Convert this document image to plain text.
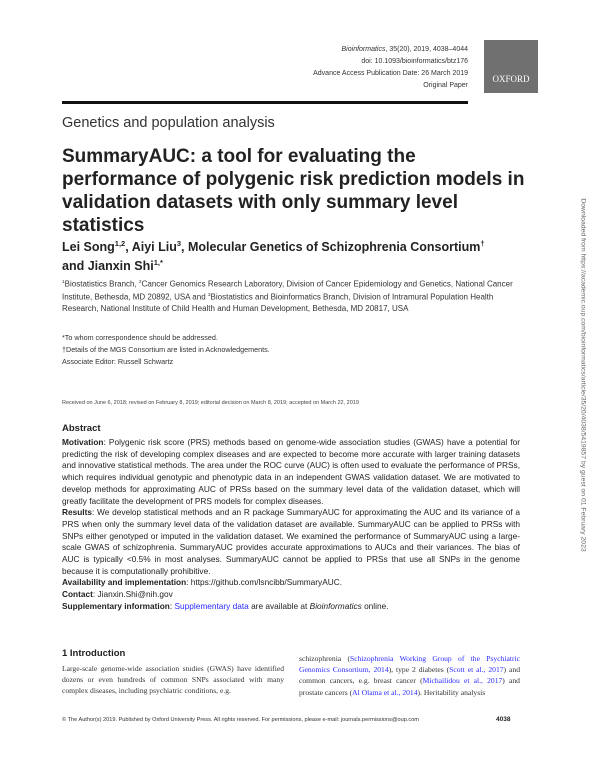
Bioinformatics, 35(20), 2019, 4038–4044
doi: 10.1093/bioinformatics/btz176
Advance Access Publication Date: 26 March 2019
Original Paper
OXFORD
Genetics and population analysis
SummaryAUC: a tool for evaluating the performance of polygenic risk prediction models in validation datasets with only summary level statistics
Lei Song$^{1,2}$, Aiyi Liu$^3$, Molecular Genetics of Schizophrenia Consortium†
and Jianxin Shi$^{1,*}$
$^1$Biostatistics Branch, $^2$Cancer Genomics Research Laboratory, Division of Cancer Epidemiology and Genetics, National Cancer Institute, Bethesda, MD 20892, USA and $^3$Biostatistics and Bioinformatics Branch, Division of Intramural Population Health Research, National Institute of Child Health and Human Development, Bethesda, MD 20817, USA
*To whom correspondence should be addressed.
†Details of the MGS Consortium are listed in Acknowledgements.
Associate Editor: Russell Schwartz
Received on June 6, 2018; revised on February 8, 2019; editorial decision on March 8, 2019; accepted on March 22, 2019
Abstract
Motivation: Polygenic risk score (PRS) methods based on genome-wide association studies (GWAS) have a potential for predicting the risk of developing complex diseases and are expected to become more accurate with larger training datasets and innovative statistical methods. The area under the ROC curve (AUC) is often used to evaluate the performance of PRSs, which requires individual genotypic and phenotypic data in an independent GWAS validation dataset. We are motivated to develop methods for approximating AUC of PRSs based on the summary level data of the validation dataset, which will greatly facilitate the development of PRS models for complex diseases.
Results: We develop statistical methods and an R package SummaryAUC for approximating the AUC and its variance of a PRS when only the summary level data of the validation dataset are available. SummaryAUC can be applied to PRSs with SNPs either genotyped or imputed in the validation dataset. We examined the performance of SummaryAUC using a large-scale GWAS of schizophrenia. SummaryAUC provides accurate approximations to AUCs and their variances. The bias of AUC is typically <0.5% in most analyses. SummaryAUC cannot be applied to PRSs that use all SNPs in the genome because it is computationally prohibitive.
Availability and implementation: https://github.com/lsncibb/SummaryAUC.
Contact: Jianxin.Shi@nih.gov
Supplementary information: Supplementary data are available at Bioinformatics online.
1 Introduction
Large-scale genome-wide association studies (GWAS) have identified dozens or even hundreds of common SNPs associated with many complex diseases, including psychiatric conditions, e.g.
schizophrenia (Schizophrenia Working Group of the Psychiatric Genomics Consortium, 2014), type 2 diabetes (Scott et al., 2017) and common cancers, e.g. breast cancer (Michailidou et al., 2017) and prostate cancers (Al Olama et al., 2014). Heritability analysis
© The Author(s) 2019. Published by Oxford University Press. All rights reserved. For permissions, please e-mail: journals.permissions@oup.com	4038
Downloaded from https://academic.oup.com/bioinformatics/article/35/20/4038/5419857 by guest on 01 February 2023
